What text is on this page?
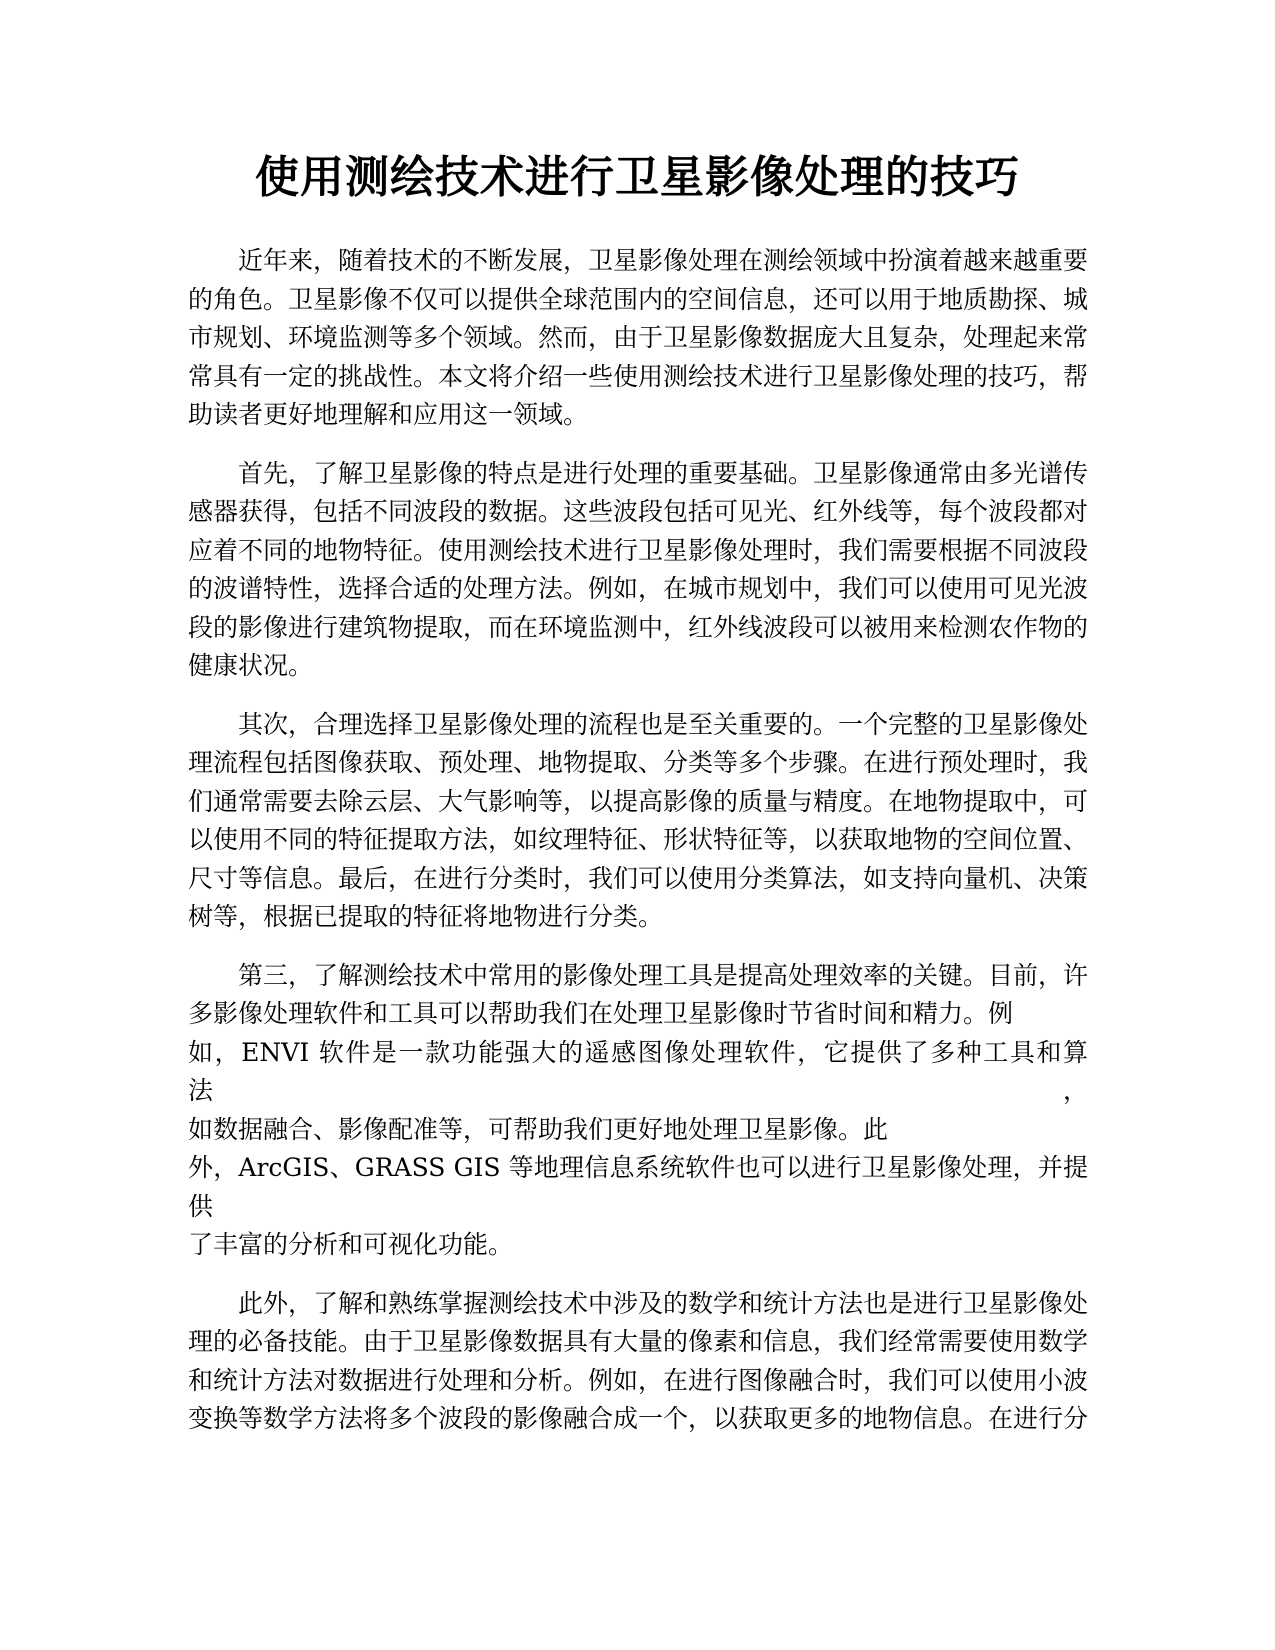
使用测绘技术进行卫星影像处理的技巧

近年来，随着技术的不断发展，卫星影像处理在测绘领域中扮演着越来越重要
的角色。卫星影像不仅可以提供全球范围内的空间信息，还可以用于地质勘探、城
市规划、环境监测等多个领域。然而，由于卫星影像数据庞大且复杂，处理起来常
常具有一定的挑战性。本文将介绍一些使用测绘技术进行卫星影像处理的技巧，帮
助读者更好地理解和应用这一领域。

首先，了解卫星影像的特点是进行处理的重要基础。卫星影像通常由多光谱传
感器获得，包括不同波段的数据。这些波段包括可见光、红外线等，每个波段都对
应着不同的地物特征。使用测绘技术进行卫星影像处理时，我们需要根据不同波段
的波谱特性，选择合适的处理方法。例如，在城市规划中，我们可以使用可见光波
段的影像进行建筑物提取，而在环境监测中，红外线波段可以被用来检测农作物的
健康状况。

其次，合理选择卫星影像处理的流程也是至关重要的。一个完整的卫星影像处
理流程包括图像获取、预处理、地物提取、分类等多个步骤。在进行预处理时，我
们通常需要去除云层、大气影响等，以提高影像的质量与精度。在地物提取中，可
以使用不同的特征提取方法，如纹理特征、形状特征等，以获取地物的空间位置、
尺寸等信息。最后，在进行分类时，我们可以使用分类算法，如支持向量机、决策
树等，根据已提取的特征将地物进行分类。

第三，了解测绘技术中常用的影像处理工具是提高处理效率的关键。目前，许
多影像处理软件和工具可以帮助我们在处理卫星影像时节省时间和精力。例
如，ENVI 软件是一款功能强大的遥感图像处理软件，它提供了多种工具和算法，
如数据融合、影像配准等，可帮助我们更好地处理卫星影像。此
外，ArcGIS、GRASS GIS 等地理信息系统软件也可以进行卫星影像处理，并提供
了丰富的分析和可视化功能。

此外，了解和熟练掌握测绘技术中涉及的数学和统计方法也是进行卫星影像处
理的必备技能。由于卫星影像数据具有大量的像素和信息，我们经常需要使用数学
和统计方法对数据进行处理和分析。例如，在进行图像融合时，我们可以使用小波
变换等数学方法将多个波段的影像融合成一个，以获取更多的地物信息。在进行分
